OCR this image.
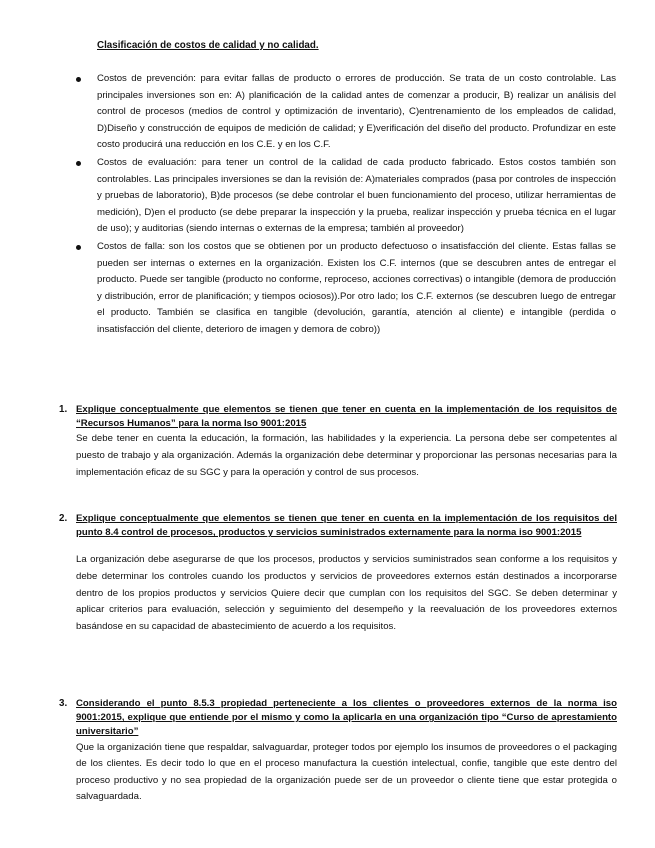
Clasificación de costos de calidad y no calidad.
Costos de prevención: para evitar fallas de producto o errores de producción. Se trata de un costo controlable. Las principales inversiones son en: A) planificación de la calidad antes de comenzar a producir, B) realizar un análisis del control de procesos (medios de control y optimización de inventario), C)entrenamiento de los empleados de calidad, D)Diseño y construcción de equipos de medición de calidad; y E)verificación del diseño del producto. Profundizar en este costo producirá una reducción en los C.E. y en los C.F.
Costos de evaluación: para tener un control de la calidad de cada producto fabricado. Estos costos también son controlables. Las principales inversiones se dan la revisión de: A)materiales comprados (pasa por controles de inspección y pruebas de laboratorio), B)de procesos (se debe controlar el buen funcionamiento del proceso, utilizar herramientas de medición), D)en el producto (se debe preparar la inspección y la prueba, realizar inspección y prueba técnica en el lugar de uso); y auditorias (siendo internas o externas de la empresa; también al proveedor)
Costos de falla: son los costos que se obtienen por un producto defectuoso o insatisfacción del cliente. Estas fallas se pueden ser internas o externes en la organización. Existen los C.F. internos (que se descubren antes de entregar el producto. Puede ser tangible (producto no conforme, reproceso, acciones correctivas) o intangible (demora de producción y distribución, error de planificación; y tiempos ociosos)).Por otro lado; los C.F. externos (se descubren luego de entregar el producto. También se clasifica en tangible (devolución, garantía, atención al cliente) e intangible (perdida o insatisfacción del cliente, deterioro de imagen y demora de cobro))
1. Explique conceptualmente que elementos se tienen que tener en cuenta en la implementación de los requisitos de “Recursos Humanos” para la norma Iso 9001:2015
Se debe tener en cuenta la educación, la formación, las habilidades y la experiencia. La persona debe ser competentes al puesto de trabajo y ala organización. Además la organización debe determinar y proporcionar las personas necesarias para la implementación eficaz de su SGC y para la operación y control de sus procesos.
2. Explique conceptualmente que elementos se tienen que tener en cuenta en la implementación de los requisitos del punto 8.4 control de procesos, productos y servicios suministrados externamente para la norma iso 9001:2015
La organización debe asegurarse de que los procesos, productos y servicios suministrados sean conforme a los requisitos y debe determinar los controles cuando los productos y servicios de proveedores externos están destinados a incorporarse dentro de los propios productos y servicios Quiere decir que cumplan con los requisitos del SGC. Se deben determinar y aplicar criterios para evaluación, selección y seguimiento del desempeño y la reevaluación de los proveedores externos basándose en su capacidad de abastecimiento de acuerdo a los requisitos.
3. Considerando el punto 8.5.3 propiedad perteneciente a los clientes o proveedores externos de la norma iso 9001:2015, explique que entiende por el mismo y como la aplicarla en una organización tipo “Curso de aprestamiento universitario”
Que la organización tiene que respaldar, salvaguardar, proteger todos por ejemplo los insumos de proveedores o el packaging de los clientes. Es decir todo lo que en el proceso manufactura la cuestión intelectual, confie, tangible que este dentro del proceso productivo y no sea propiedad de la organización puede ser de un proveedor o cliente tiene que estar protegida o salvaguardada.
